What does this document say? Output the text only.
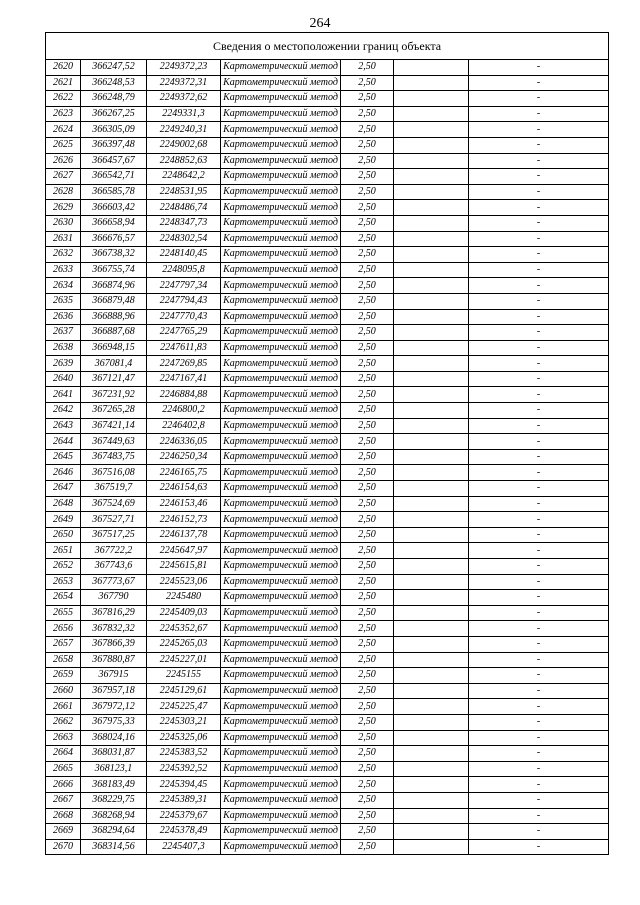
264
Сведения о местоположении границ объекта						
2620	366247,52	2249372,23	Картометрический метод	2,50		-
2621	366248,53	2249372,31	Картометрический метод	2,50		-
2622	366248,79	2249372,62	Картометрический метод	2,50		-
2623	366267,25	2249331,3	Картометрический метод	2,50		-
2624	366305,09	2249240,31	Картометрический метод	2,50		-
2625	366397,48	2249002,68	Картометрический метод	2,50		-
2626	366457,67	2248852,63	Картометрический метод	2,50		-
2627	366542,71	2248642,2	Картометрический метод	2,50		-
2628	366585,78	2248531,95	Картометрический метод	2,50		-
2629	366603,42	2248486,74	Картометрический метод	2,50		-
2630	366658,94	2248347,73	Картометрический метод	2,50		-
2631	366676,57	2248302,54	Картометрический метод	2,50		-
2632	366738,32	2248140,45	Картометрический метод	2,50		-
2633	366755,74	2248095,8	Картометрический метод	2,50		-
2634	366874,96	2247797,34	Картометрический метод	2,50		-
2635	366879,48	2247794,43	Картометрический метод	2,50		-
2636	366888,96	2247770,43	Картометрический метод	2,50		-
2637	366887,68	2247765,29	Картометрический метод	2,50		-
2638	366948,15	2247611,83	Картометрический метод	2,50		-
2639	367081,4	2247269,85	Картометрический метод	2,50		-
2640	367121,47	2247167,41	Картометрический метод	2,50		-
2641	367231,92	2246884,88	Картометрический метод	2,50		-
2642	367265,28	2246800,2	Картометрический метод	2,50		-
2643	367421,14	2246402,8	Картометрический метод	2,50		-
2644	367449,63	2246336,05	Картометрический метод	2,50		-
2645	367483,75	2246250,34	Картометрический метод	2,50		-
2646	367516,08	2246165,75	Картометрический метод	2,50		-
2647	367519,7	2246154,63	Картометрический метод	2,50		-
2648	367524,69	2246153,46	Картометрический метод	2,50		-
2649	367527,71	2246152,73	Картометрический метод	2,50		-
2650	367517,25	2246137,78	Картометрический метод	2,50		-
2651	367722,2	2245647,97	Картометрический метод	2,50		-
2652	367743,6	2245615,81	Картометрический метод	2,50		-
2653	367773,67	2245523,06	Картометрический метод	2,50		-
2654	367790	2245480	Картометрический метод	2,50		-
2655	367816,29	2245409,03	Картометрический метод	2,50		-
2656	367832,32	2245352,67	Картометрический метод	2,50		-
2657	367866,39	2245265,03	Картометрический метод	2,50		-
2658	367880,87	2245227,01	Картометрический метод	2,50		-
2659	367915	2245155	Картометрический метод	2,50		-
2660	367957,18	2245129,61	Картометрический метод	2,50		-
2661	367972,12	2245225,47	Картометрический метод	2,50		-
2662	367975,33	2245303,21	Картометрический метод	2,50		-
2663	368024,16	2245325,06	Картометрический метод	2,50		-
2664	368031,87	2245383,52	Картометрический метод	2,50		-
2665	368123,1	2245392,52	Картометрический метод	2,50		-
2666	368183,49	2245394,45	Картометрический метод	2,50		-
2667	368229,75	2245389,31	Картометрический метод	2,50		-
2668	368268,94	2245379,67	Картометрический метод	2,50		-
2669	368294,64	2245378,49	Картометрический метод	2,50		-
2670	368314,56	2245407,3	Картометрический метод	2,50		-
